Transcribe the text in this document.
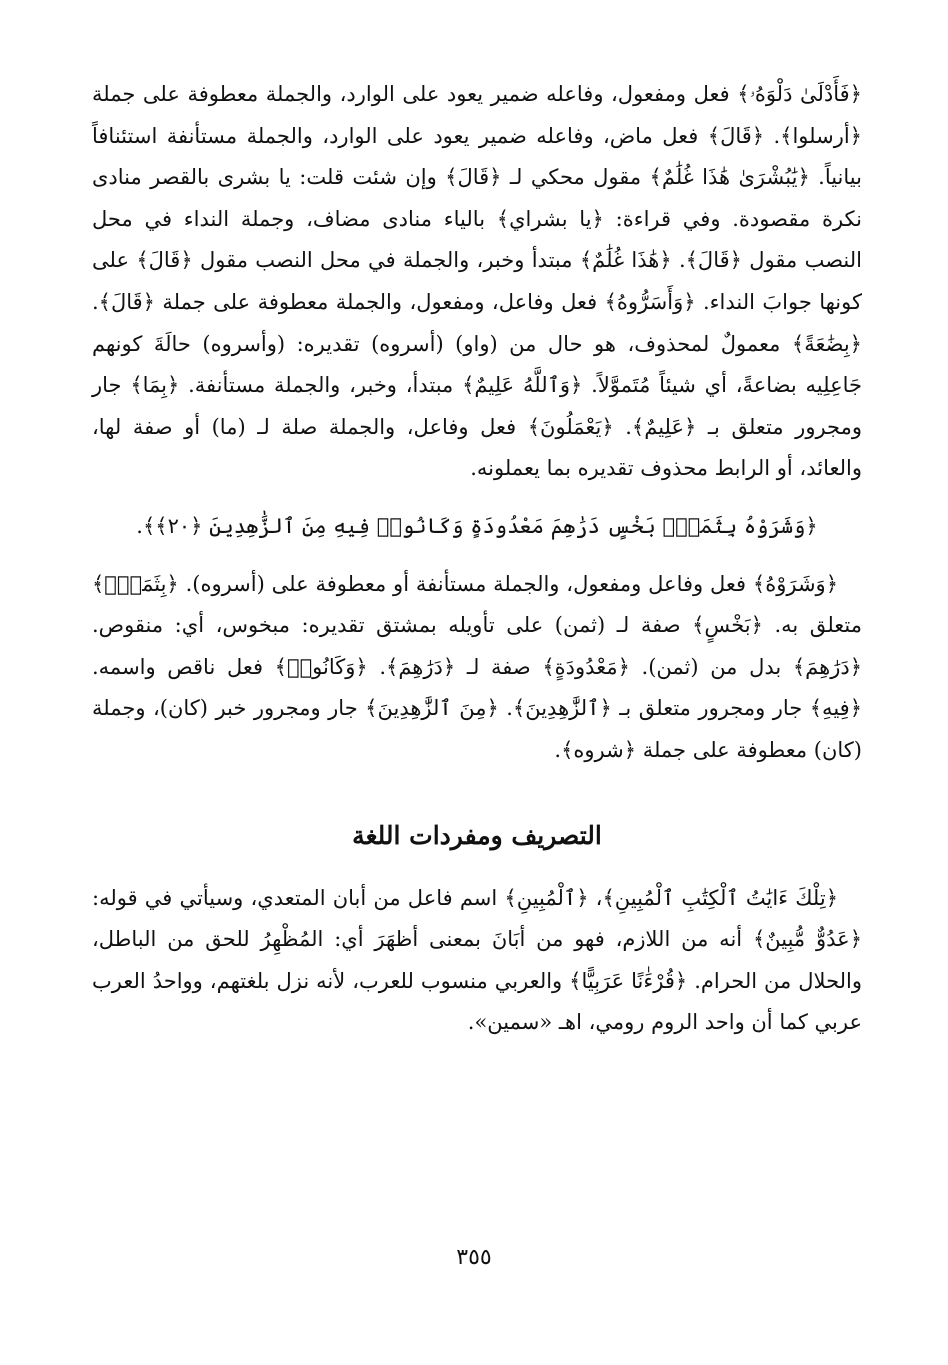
﴿فَأَدْلَىٰ دَلْوَهُۥ﴾ فعل ومفعول، وفاعله ضمير يعود على الوارد، والجملة معطوفة على جملة ﴿أرسلوا﴾. ﴿قَالَ﴾ فعل ماض، وفاعله ضمير يعود على الوارد، والجملة مستأنفة استئنافاً بيانياً. ﴿يَٰبُشْرَىٰ هَٰذَا غُلَٰمٌ﴾ مقول محكي لـ ﴿قَالَ﴾ وإن شئت قلت: يا بشرى بالقصر منادى نكرة مقصودة. وفي قراءة: ﴿يا بشراي﴾ بالياء منادى مضاف، وجملة النداء في محل النصب مقول ﴿قَالَ﴾. ﴿هَٰذَا غُلَٰمٌ﴾ مبتدأ وخبر، والجملة في محل النصب مقول ﴿قَالَ﴾ على كونها جوابَ النداء. ﴿وَأَسَرُّوهُ﴾ فعل وفاعل، ومفعول، والجملة معطوفة على جملة ﴿قَالَ﴾. ﴿بِضَٰعَةً﴾ معمولٌ لمحذوف، هو حال من (واو) (أسروه) تقديره: (وأسروه) حالَةَ كونهم جَاعِلِيه بضاعةً، أي شيئاً مُتَموَّلاً. ﴿وَٱللَّهُ عَلِيمٌ﴾ مبتدأ، وخبر، والجملة مستأنفة. ﴿بِمَا﴾ جار ومجرور متعلق بـ ﴿عَلِيمٌ﴾. ﴿يَعْمَلُونَ﴾ فعل وفاعل، والجملة صلة لـ (ما) أو صفة لها، والعائد، أو الرابط محذوف تقديره بما يعملونه.

﴿وَشَرَوْهُ بِثَمَنٍۭ بَخْسٍ دَرَٰهِمَ مَعْدُودَةٍ وَكَانُوا۟ فِيهِ مِنَ ٱلزَّٰهِدِينَ ﴿٢٠﴾﴾.

﴿وَشَرَوْهُ﴾ فعل وفاعل ومفعول، والجملة مستأنفة أو معطوفة على (أسروه). ﴿بِثَمَنٍۭ﴾ متعلق به. ﴿بَخْسٍ﴾ صفة لـ (ثمن) على تأويله بمشتق تقديره: مبخوس، أي: منقوص. ﴿دَرَٰهِمَ﴾ بدل من (ثمن). ﴿مَعْدُودَةٍ﴾ صفة لـ ﴿دَرَٰهِمَ﴾. ﴿وَكَانُوا۟﴾ فعل ناقص واسمه. ﴿فِيهِ﴾ جار ومجرور متعلق بـ ﴿ٱلزَّٰهِدِينَ﴾. ﴿مِنَ ٱلزَّٰهِدِينَ﴾ جار ومجرور خبر (كان)، وجملة (كان) معطوفة على جملة ﴿شروه﴾.

التصريف ومفردات اللغة

﴿تِلْكَ ءَايَٰتُ ٱلْكِتَٰبِ ٱلْمُبِينِ﴾، ﴿ٱلْمُبِينِ﴾ اسم فاعل من أبان المتعدي، وسيأتي في قوله: ﴿عَدُوٌّ مُّبِينٌ﴾ أنه من اللازم، فهو من أبَانَ بمعنى أظهَرَ أي: المُظْهِرُ للحق من الباطل، والحلال من الحرام. ﴿قُرْءَٰنًا عَرَبِيًّا﴾ والعربي منسوب للعرب، لأنه نزل بلغتهم، وواحدُ العرب عربي كما أن واحد الروم رومي، اهـ «سمين».

٣٥٥
